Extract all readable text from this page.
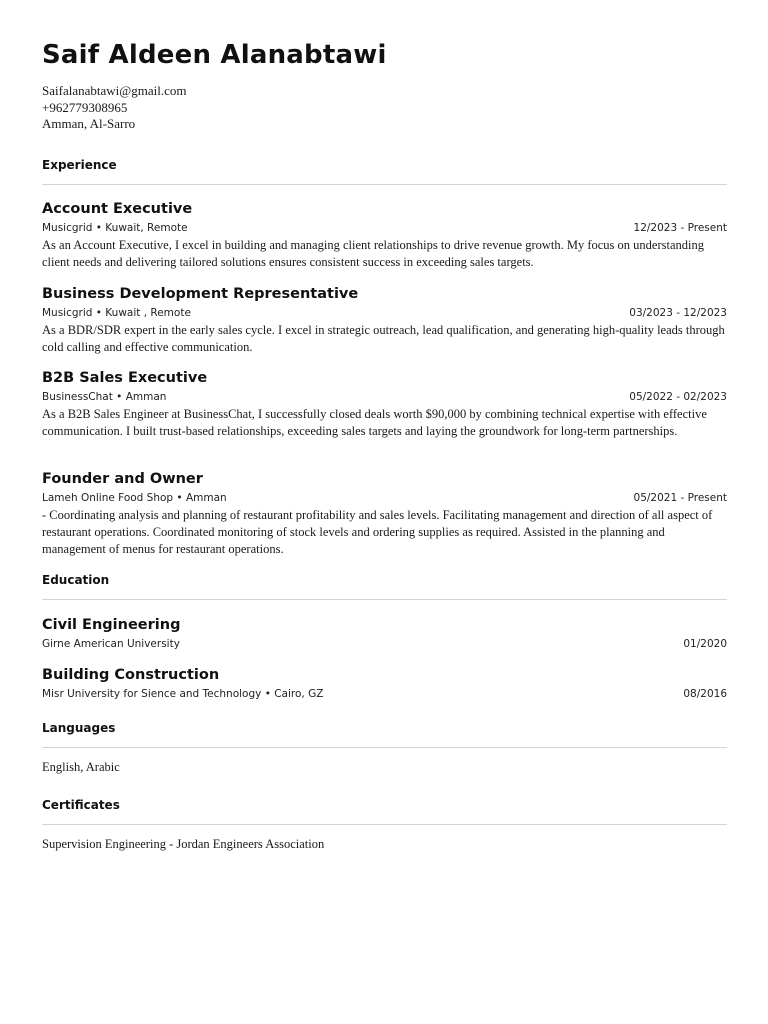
Saif Aldeen Alanabtawi
Saifalanabtawi@gmail.com
+962779308965
Amman, Al-Sarro
Experience
Account Executive
Musicgrid • Kuwait, Remote	12/2023 - Present
As an Account Executive, I excel in building and managing client relationships to drive revenue growth. My focus on understanding client needs and delivering tailored solutions ensures consistent success in exceeding sales targets.
Business Development Representative
Musicgrid • Kuwait , Remote	03/2023 - 12/2023
As a BDR/SDR expert in the early sales cycle. I excel in strategic outreach, lead qualification, and generating high-quality leads through cold calling and effective communication.
B2B Sales Executive
BusinessChat • Amman	05/2022 - 02/2023
As a B2B Sales Engineer at BusinessChat, I successfully closed deals worth $90,000 by combining technical expertise with effective communication. I built trust-based relationships, exceeding sales targets and laying the groundwork for long-term partnerships.
Founder and Owner
Lameh Online Food Shop • Amman	05/2021 - Present
- Coordinating analysis and planning of restaurant profitability and sales levels. Facilitating management and direction of all aspect of restaurant operations. Coordinated monitoring of stock levels and ordering supplies as required. Assisted in the planning and management of menus for restaurant operations.
Education
Civil Engineering
Girne American University	01/2020
Building Construction
Misr University for Sience and Technology • Cairo, GZ	08/2016
Languages
English, Arabic
Certificates
Supervision Engineering - Jordan Engineers Association
